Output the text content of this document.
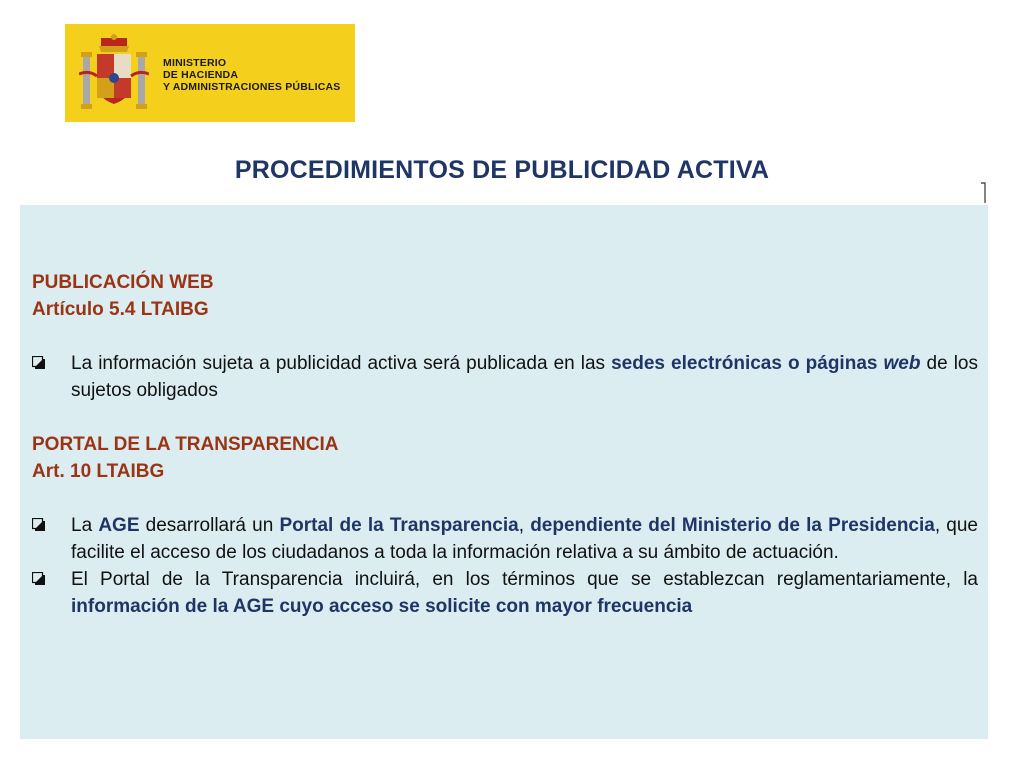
MINISTERIO
DE HACIENDA
Y ADMINISTRACIONES PÚBLICAS
PROCEDIMIENTOS DE PUBLICIDAD ACTIVA
PUBLICACIÓN WEB
Artículo 5.4 LTAIBG
La información sujeta a publicidad activa será publicada en las sedes electrónicas o páginas web de los sujetos obligados
PORTAL DE LA TRANSPARENCIA
Art. 10 LTAIBG
La AGE desarrollará un Portal de la Transparencia, dependiente del Ministerio de la Presidencia, que facilite el acceso de los ciudadanos a toda la información relativa a su ámbito de actuación.
El Portal de la Transparencia incluirá, en los términos que se establezcan reglamentariamente, la información de la AGE cuyo acceso se solicite con mayor frecuencia
